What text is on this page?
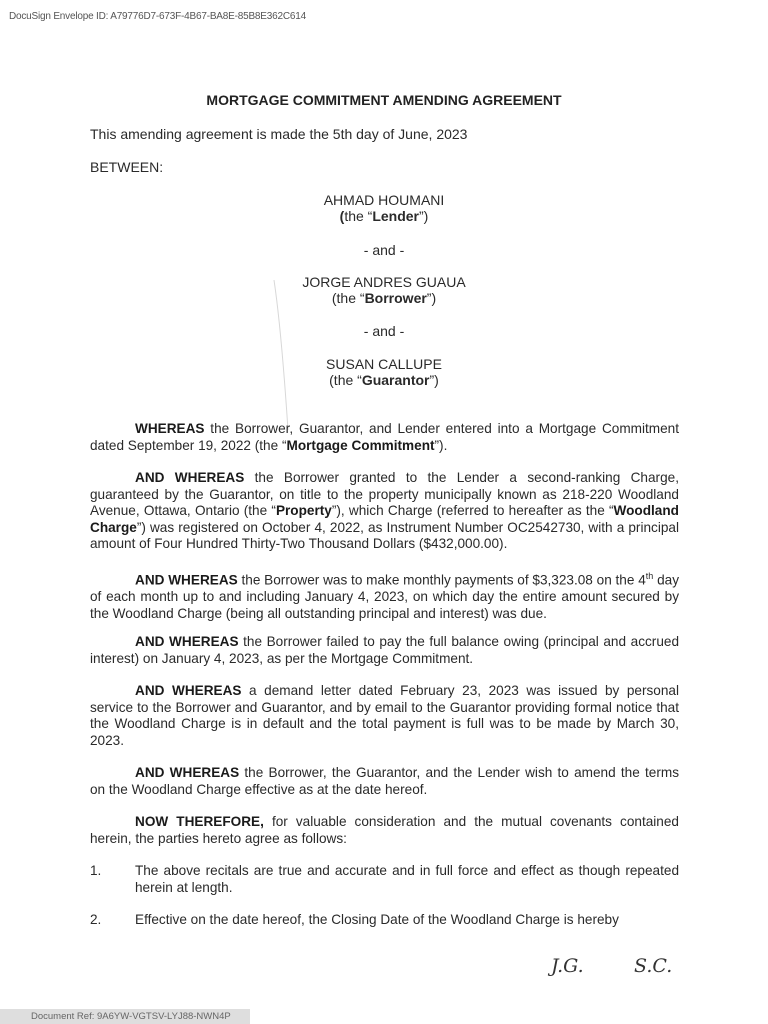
DocuSign Envelope ID: A79776D7-673F-4B67-BA8E-85B8E362C614
MORTGAGE COMMITMENT AMENDING AGREEMENT
This amending agreement is made the 5th day of June, 2023
BETWEEN:
AHMAD HOUMANI
(the “Lender”)
- and -
JORGE ANDRES GUAUA
(the “Borrower”)
- and -
SUSAN CALLUPE
(the “Guarantor”)
WHEREAS the Borrower, Guarantor, and Lender entered into a Mortgage Commitment dated September 19, 2022 (the “Mortgage Commitment”).
AND WHEREAS the Borrower granted to the Lender a second-ranking Charge, guaranteed by the Guarantor, on title to the property municipally known as 218-220 Woodland Avenue, Ottawa, Ontario (the “Property”), which Charge (referred to hereafter as the “Woodland Charge”) was registered on October 4, 2022, as Instrument Number OC2542730, with a principal amount of Four Hundred Thirty-Two Thousand Dollars ($432,000.00).
AND WHEREAS the Borrower was to make monthly payments of $3,323.08 on the 4th day of each month up to and including January 4, 2023, on which day the entire amount secured by the Woodland Charge (being all outstanding principal and interest) was due.
AND WHEREAS the Borrower failed to pay the full balance owing (principal and accrued interest) on January 4, 2023, as per the Mortgage Commitment.
AND WHEREAS a demand letter dated February 23, 2023 was issued by personal service to the Borrower and Guarantor, and by email to the Guarantor providing formal notice that the Woodland Charge is in default and the total payment is full was to be made by March 30, 2023.
AND WHEREAS the Borrower, the Guarantor, and the Lender wish to amend the terms on the Woodland Charge effective as at the date hereof.
NOW THEREFORE, for valuable consideration and the mutual covenants contained herein, the parties hereto agree as follows:
1. The above recitals are true and accurate and in full force and effect as though repeated herein at length.
2. Effective on the date hereof, the Closing Date of the Woodland Charge is hereby
J.G.	S.C.
Document Ref: 9A6YW-VGTSV-LYJ88-NWN4P
